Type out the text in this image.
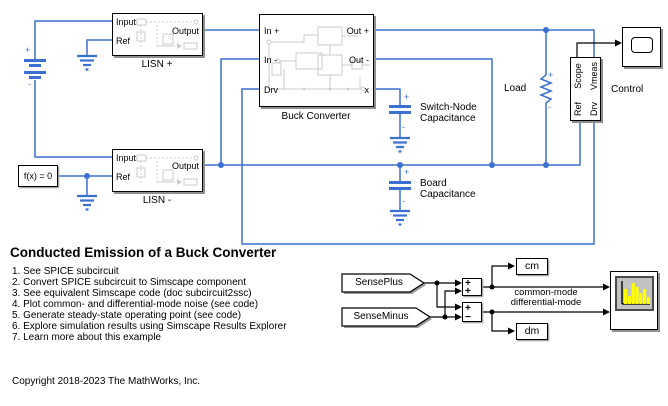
Input
Ref
Output
LISN +
Input
Ref
Output
LISN -
In +
In -
Drv
Out +
Out -
x
Buck Converter
f(x) = 0
Scope Vmeas
Ref Drv
Control
SensePlus
SenseMinus
+
+
+
−
cm
dm
Switch-Node
Capacitance
Board
Capacitance
Load
common-mode
differential-mode
+
-
+
-
+
-
+
-
Conducted Emission of a Buck Converter
1. See SPICE subcircuit
2. Convert SPICE subcircuit to Simscape component
3. See equivalent Simscape code (doc subcircuit2ssc)
4. Plot common- and differential-mode noise (see code)
5. Generate steady-state operating point (see code)
6. Explore simulation results using Simscape Results Explorer
7. Learn more about this example
Copyright 2018-2023 The MathWorks, Inc.
